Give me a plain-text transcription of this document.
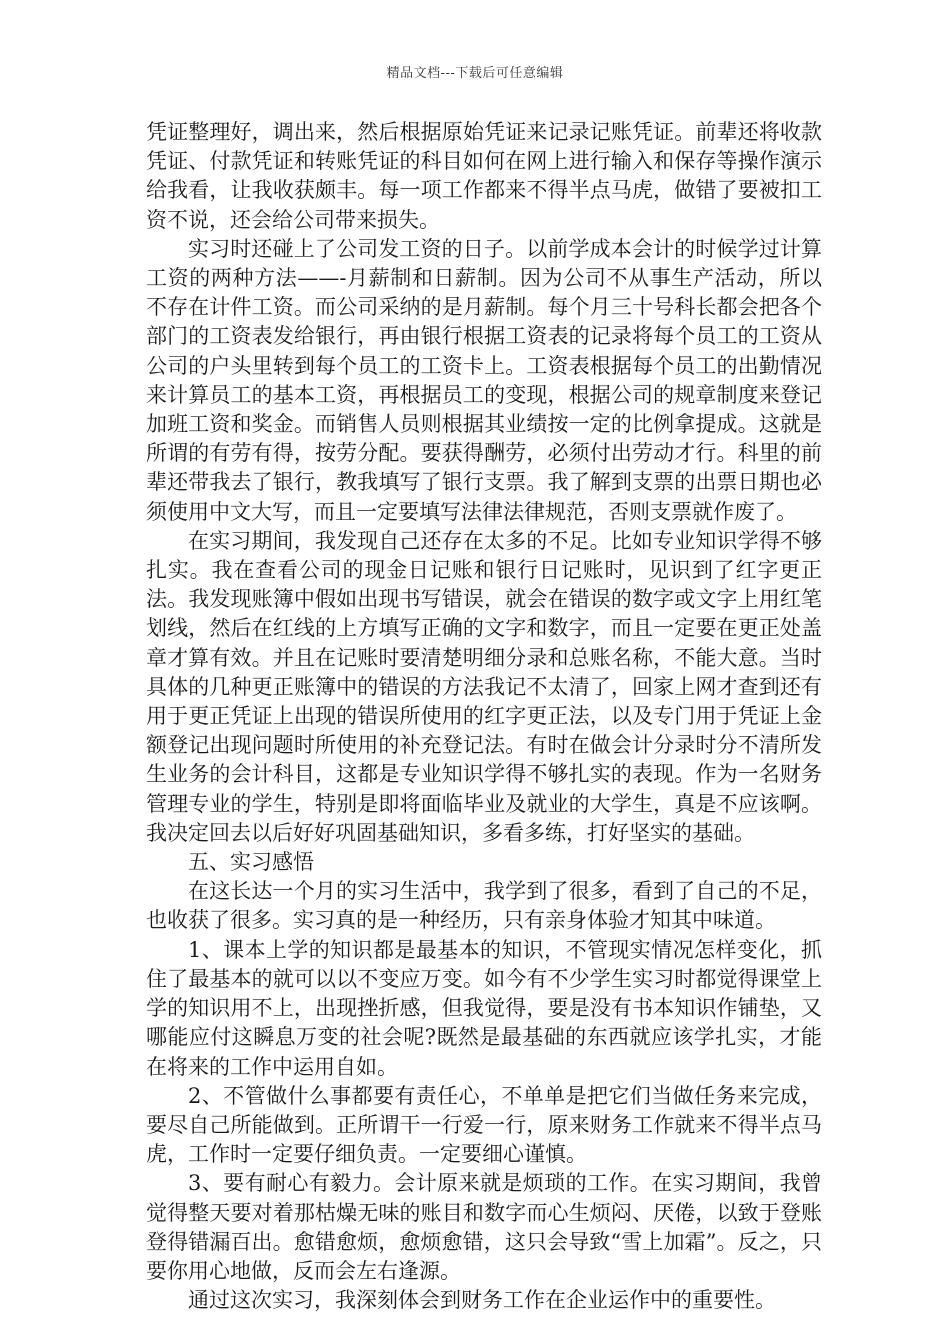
精品文档---下载后可任意编辑

凭证整理好，调出来，然后根据原始凭证来记录记账凭证。前辈还将收款凭证、付款凭证和转账凭证的科目如何在网上进行输入和保存等操作演示给我看，让我收获颇丰。每一项工作都来不得半点马虎，做错了要被扣工资不说，还会给公司带来损失。

实习时还碰上了公司发工资的日子。以前学成本会计的时候学过计算工资的两种方法——-月薪制和日薪制。因为公司不从事生产活动，所以不存在计件工资。而公司采纳的是月薪制。每个月三十号科长都会把各个部门的工资表发给银行，再由银行根据工资表的记录将每个员工的工资从公司的户头里转到每个员工的工资卡上。工资表根据每个员工的出勤情况来计算员工的基本工资，再根据员工的变现，根据公司的规章制度来登记加班工资和奖金。而销售人员则根据其业绩按一定的比例拿提成。这就是所谓的有劳有得，按劳分配。要获得酬劳，必须付出劳动才行。科里的前辈还带我去了银行，教我填写了银行支票。我了解到支票的出票日期也必须使用中文大写，而且一定要填写法律法律规范，否则支票就作废了。

在实习期间，我发现自己还存在太多的不足。比如专业知识学得不够扎实。我在查看公司的现金日记账和银行日记账时，见识到了红字更正法。我发现账簿中假如出现书写错误，就会在错误的数字或文字上用红笔划线，然后在红线的上方填写正确的文字和数字，而且一定要在更正处盖章才算有效。并且在记账时要清楚明细分录和总账名称，不能大意。当时具体的几种更正账簿中的错误的方法我记不太清了，回家上网才查到还有用于更正凭证上出现的错误所使用的红字更正法，以及专门用于凭证上金额登记出现问题时所使用的补充登记法。有时在做会计分录时分不清所发生业务的会计科目，这都是专业知识学得不够扎实的表现。作为一名财务管理专业的学生，特别是即将面临毕业及就业的大学生，真是不应该啊。我决定回去以后好好巩固基础知识，多看多练，打好坚实的基础。

五、实习感悟

在这长达一个月的实习生活中，我学到了很多，看到了自己的不足，也收获了很多。实习真的是一种经历，只有亲身体验才知其中味道。

1、课本上学的知识都是最基本的知识，不管现实情况怎样变化，抓住了最基本的就可以以不变应万变。如今有不少学生实习时都觉得课堂上学的知识用不上，出现挫折感，但我觉得，要是没有书本知识作铺垫，又哪能应付这瞬息万变的社会呢?既然是最基础的东西就应该学扎实，才能在将来的工作中运用自如。

2、不管做什么事都要有责任心，不单单是把它们当做任务来完成，要尽自己所能做到。正所谓干一行爱一行，原来财务工作就来不得半点马虎，工作时一定要仔细负责。一定要细心谨慎。

3、要有耐心有毅力。会计原来就是烦琐的工作。在实习期间，我曾觉得整天要对着那枯燥无味的账目和数字而心生烦闷、厌倦，以致于登账登得错漏百出。愈错愈烦，愈烦愈错，这只会导致“雪上加霜”。反之，只要你用心地做，反而会左右逢源。

通过这次实习，我深刻体会到财务工作在企业运作中的重要性。
